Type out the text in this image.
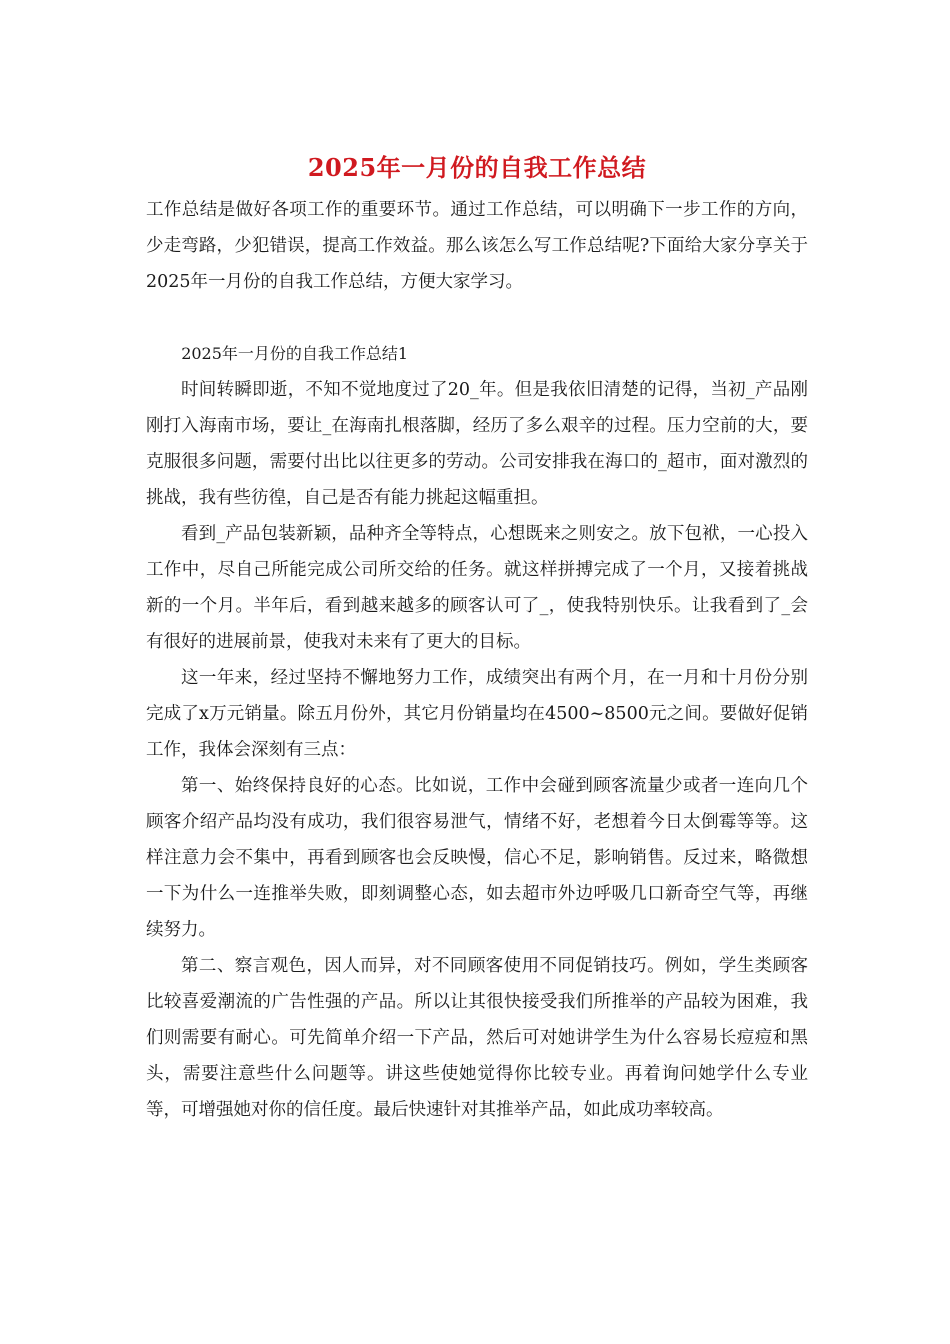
2025年一月份的自我工作总结

工作总结是做好各项工作的重要环节。通过工作总结，可以明确下一步工作的方向，少走弯路，少犯错误，提高工作效益。那么该怎么写工作总结呢?下面给大家分享关于2025年一月份的自我工作总结，方便大家学习。

2025年一月份的自我工作总结1

时间转瞬即逝，不知不觉地度过了20_年。但是我依旧清楚的记得，当初_产品刚刚打入海南市场，要让_在海南扎根落脚，经历了多么艰辛的过程。压力空前的大，要克服很多问题，需要付出比以往更多的劳动。公司安排我在海口的_超市，面对激烈的挑战，我有些彷徨，自己是否有能力挑起这幅重担。

看到_产品包装新颖，品种齐全等特点，心想既来之则安之。放下包袱，一心投入工作中，尽自己所能完成公司所交给的任务。就这样拼搏完成了一个月，又接着挑战新的一个月。半年后，看到越来越多的顾客认可了_，使我特别快乐。让我看到了_会有很好的进展前景，使我对未来有了更大的目标。

这一年来，经过坚持不懈地努力工作，成绩突出有两个月，在一月和十月份分别完成了x万元销量。除五月份外，其它月份销量均在4500~8500元之间。要做好促销工作，我体会深刻有三点：

第一、始终保持良好的心态。比如说，工作中会碰到顾客流量少或者一连向几个顾客介绍产品均没有成功，我们很容易泄气，情绪不好，老想着今日太倒霉等等。这样注意力会不集中，再看到顾客也会反映慢，信心不足，影响销售。反过来，略微想一下为什么一连推举失败，即刻调整心态，如去超市外边呼吸几口新奇空气等，再继续努力。

第二、察言观色，因人而异，对不同顾客使用不同促销技巧。例如，学生类顾客比较喜爱潮流的广告性强的产品。所以让其很快接受我们所推举的产品较为困难，我们则需要有耐心。可先简单介绍一下产品，然后可对她讲学生为什么容易长痘痘和黑头，需要注意些什么问题等。讲这些使她觉得你比较专业。再着询问她学什么专业等，可增强她对你的信任度。最后快速针对其推举产品，如此成功率较高。
